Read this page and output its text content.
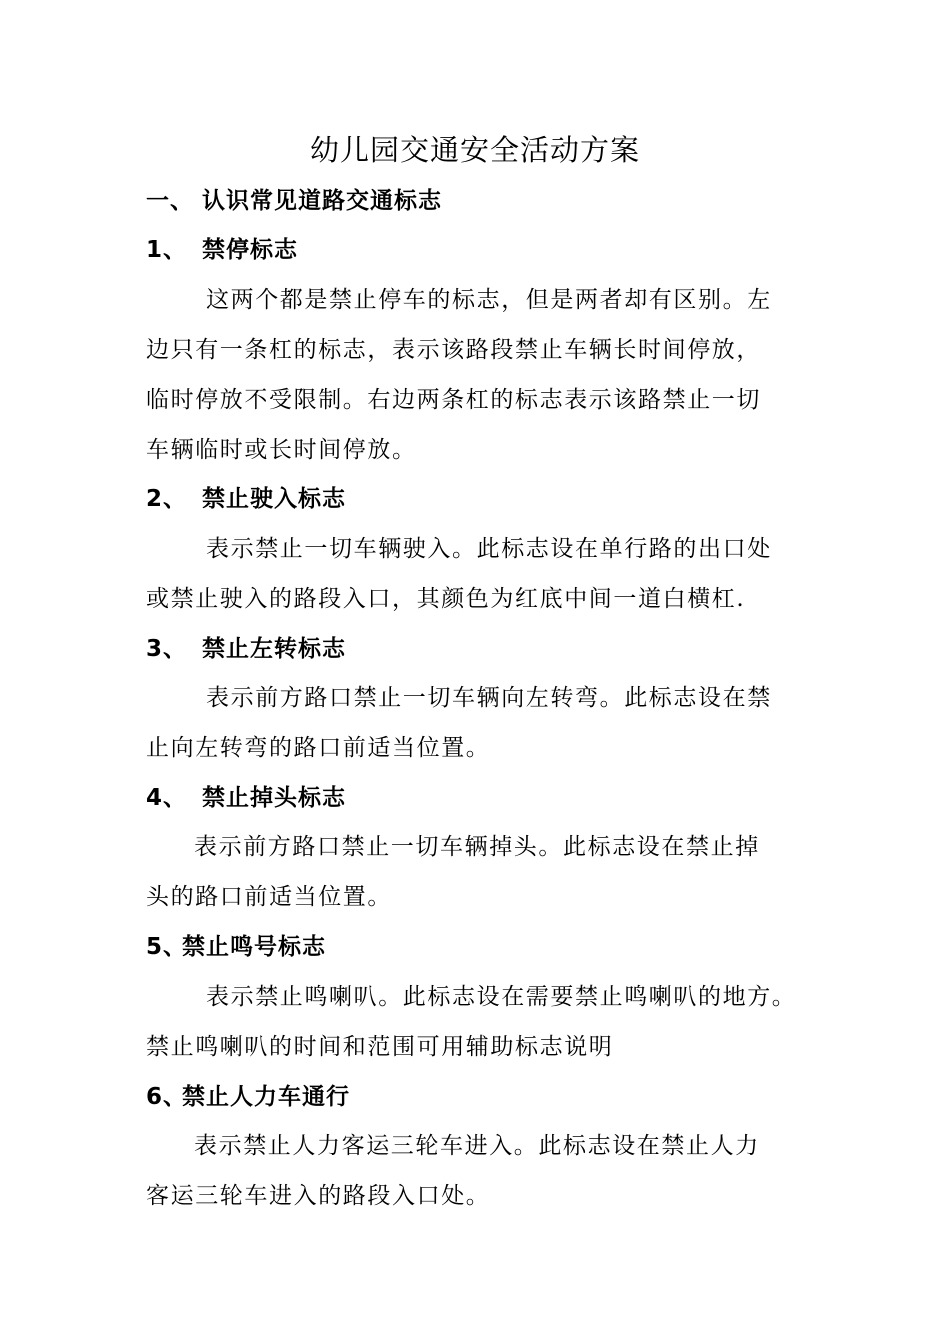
幼儿园交通安全活动方案
一、 认识常见道路交通标志
1、 禁停标志
这两个都是禁止停车的标志，但是两者却有区别。左
边只有一条杠的标志，表示该路段禁止车辆长时间停放，
临时停放不受限制。右边两条杠的标志表示该路禁止一切
车辆临时或长时间停放。
2、 禁止驶入标志
表示禁止一切车辆驶入。此标志设在单行路的出口处
或禁止驶入的路段入口，其颜色为红底中间一道白横杠.
3、 禁止左转标志
表示前方路口禁止一切车辆向左转弯。此标志设在禁
止向左转弯的路口前适当位置。
4、 禁止掉头标志
表示前方路口禁止一切车辆掉头。此标志设在禁止掉
头的路口前适当位置。
5、禁止鸣号标志
表示禁止鸣喇叭。此标志设在需要禁止鸣喇叭的地方。
禁止鸣喇叭的时间和范围可用辅助标志说明
6、禁止人力车通行
表示禁止人力客运三轮车进入。此标志设在禁止人力
客运三轮车进入的路段入口处。
